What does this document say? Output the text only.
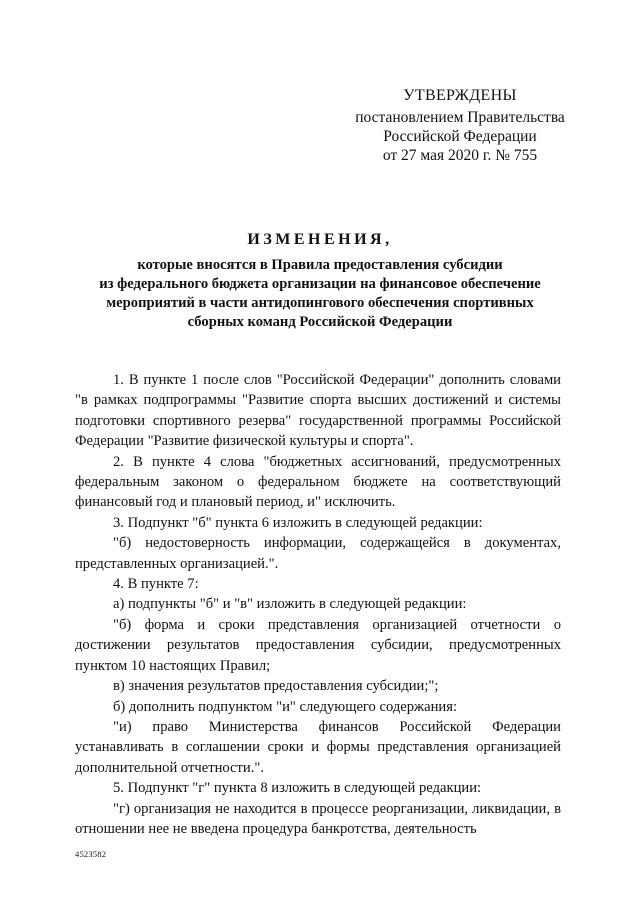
УТВЕРЖДЕНЫ
постановлением Правительства
Российской Федерации
от 27 мая 2020 г. № 755
ИЗМЕНЕНИЯ,
которые вносятся в Правила предоставления субсидии
из федерального бюджета организации на финансовое обеспечение
мероприятий в части антидопингового обеспечения спортивных
сборных команд Российской Федерации

1. В пункте 1 после слов "Российской Федерации" дополнить словами "в рамках подпрограммы "Развитие спорта высших достижений и системы подготовки спортивного резерва" государственной программы Российской Федерации "Развитие физической культуры и спорта".

2. В пункте 4 слова "бюджетных ассигнований, предусмотренных федеральным законом о федеральном бюджете на соответствующий финансовый год и плановый период, и" исключить.

3. Подпункт "б" пункта 6 изложить в следующей редакции:

"б) недостоверность информации, содержащейся в документах, представленных организацией.".

4. В пункте 7:

а) подпункты "б" и "в" изложить в следующей редакции:

"б) форма и сроки представления организацией отчетности о достижении результатов предоставления субсидии, предусмотренных пунктом 10 настоящих Правил;

в) значения результатов предоставления субсидии;";

б) дополнить подпунктом "и" следующего содержания:

"и) право Министерства финансов Российской Федерации устанавливать в соглашении сроки и формы представления организацией дополнительной отчетности.".

5. Подпункт "г" пункта 8 изложить в следующей редакции:

"г) организация не находится в процессе реорганизации, ликвидации, в отношении нее не введена процедура банкротства, деятельность

4523582
